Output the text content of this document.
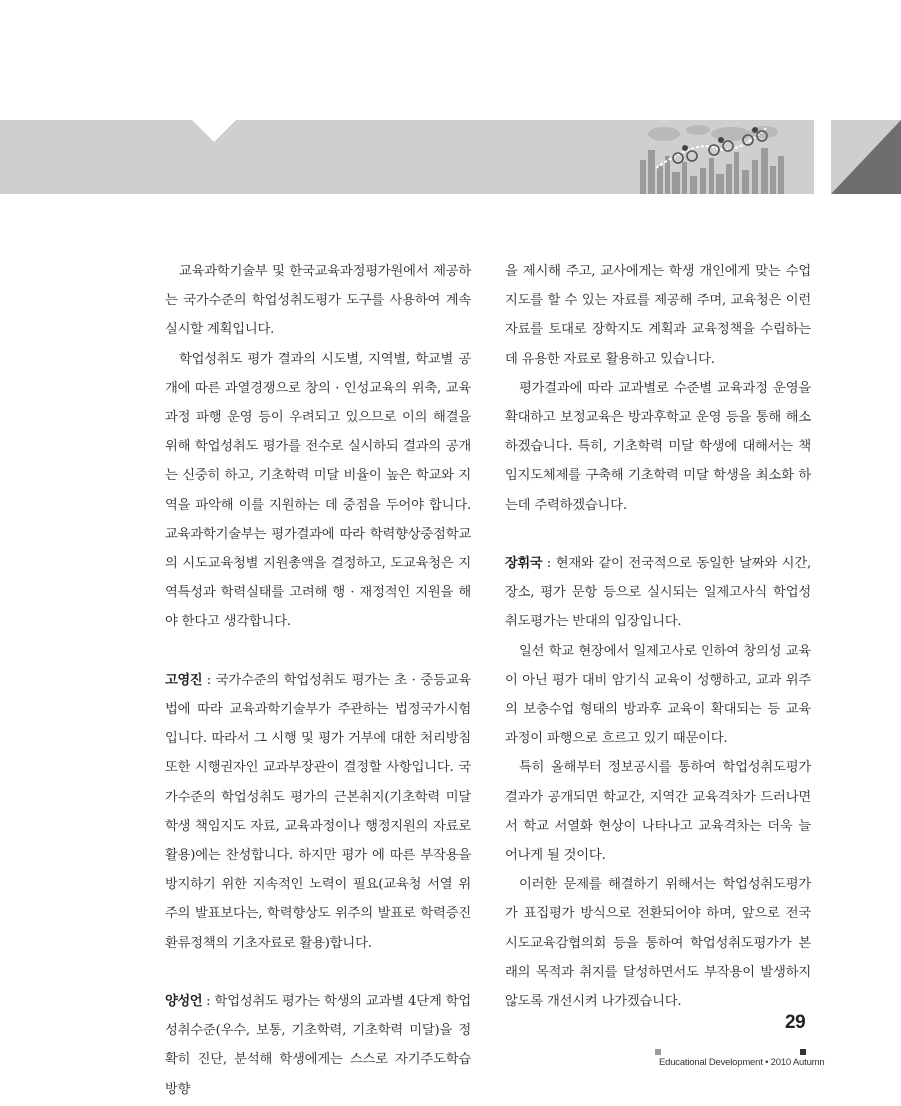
교육과학기술부 및 한국교육과정평가원에서 제공하는 국가수준의 학업성취도평가 도구를 사용하여 계속 실시할 계획입니다.

학업성취도 평가 결과의 시도별, 지역별, 학교별 공개에 따른 과열경쟁으로 창의 · 인성교육의 위축, 교육과정 파행 운영 등이 우려되고 있으므로 이의 해결을 위해 학업성취도 평가를 전수로 실시하되 결과의 공개는 신중히 하고, 기초학력 미달 비율이 높은 학교와 지역을 파악해 이를 지원하는 데 중점을 두어야 합니다. 교육과학기술부는 평가결과에 따라 학력향상중점학교의 시도교육청별 지원총액을 결정하고, 도교육청은 지역특성과 학력실태를 고려해 행 · 재정적인 지원을 해야 한다고 생각합니다.

고영진 : 국가수준의 학업성취도 평가는 초 · 중등교육법에 따라 교육과학기술부가 주관하는 법정국가시험입니다. 따라서 그 시행 및 평가 거부에 대한 처리방침 또한 시행권자인 교과부장관이 결정할 사항입니다. 국가수준의 학업성취도 평가의 근본취지(기초학력 미달 학생 책임지도 자료, 교육과정이나 행정지원의 자료로 활용)에는 찬성합니다. 하지만 평가 에 따른 부작용을 방지하기 위한 지속적인 노력이 필요(교육청 서열 위주의 발표보다는, 학력향상도 위주의 발표로 학력증진 환류정책의 기초자료로 활용)합니다.

양성언 : 학업성취도 평가는 학생의 교과별 4단계 학업성취수준(우수, 보통, 기초학력, 기초학력 미달)을 정확히 진단, 분석해 학생에게는 스스로 자기주도학습 방향

을 제시해 주고, 교사에게는 학생 개인에게 맞는 수업지도를 할 수 있는 자료를 제공해 주며, 교육청은 이런 자료를 토대로 장학지도 계획과 교육정책을 수립하는 데 유용한 자료로 활용하고 있습니다.

평가결과에 따라 교과별로 수준별 교육과정 운영을 확대하고 보정교육은 방과후학교 운영 등을 통해 해소하겠습니다. 특히, 기초학력 미달 학생에 대해서는 책임지도체제를 구축해 기초학력 미달 학생을 최소화 하는데 주력하겠습니다.

장휘국 : 현재와 같이 전국적으로 동일한 날짜와 시간, 장소, 평가 문항 등으로 실시되는 일제고사식 학업성취도평가는 반대의 입장입니다.

일선 학교 현장에서 일제고사로 인하여 창의성 교육이 아닌 평가 대비 암기식 교육이 성행하고, 교과 위주의 보충수업 형태의 방과후 교육이 확대되는 등 교육과정이 파행으로 흐르고 있기 때문이다.

특히 올해부터 정보공시를 통하여 학업성취도평가 결과가 공개되면 학교간, 지역간 교육격차가 드러나면서 학교 서열화 현상이 나타나고 교육격차는 더욱 늘어나게 될 것이다.

이러한 문제를 해결하기 위해서는 학업성취도평가가 표집평가 방식으로 전환되어야 하며, 앞으로 전국시도교육감협의회 등을 통하여 학업성취도평가가 본래의 목적과 취지를 달성하면서도 부작용이 발생하지 않도록 개선시켜 나가겠습니다.

29
Educational Development • 2010 Autumn
